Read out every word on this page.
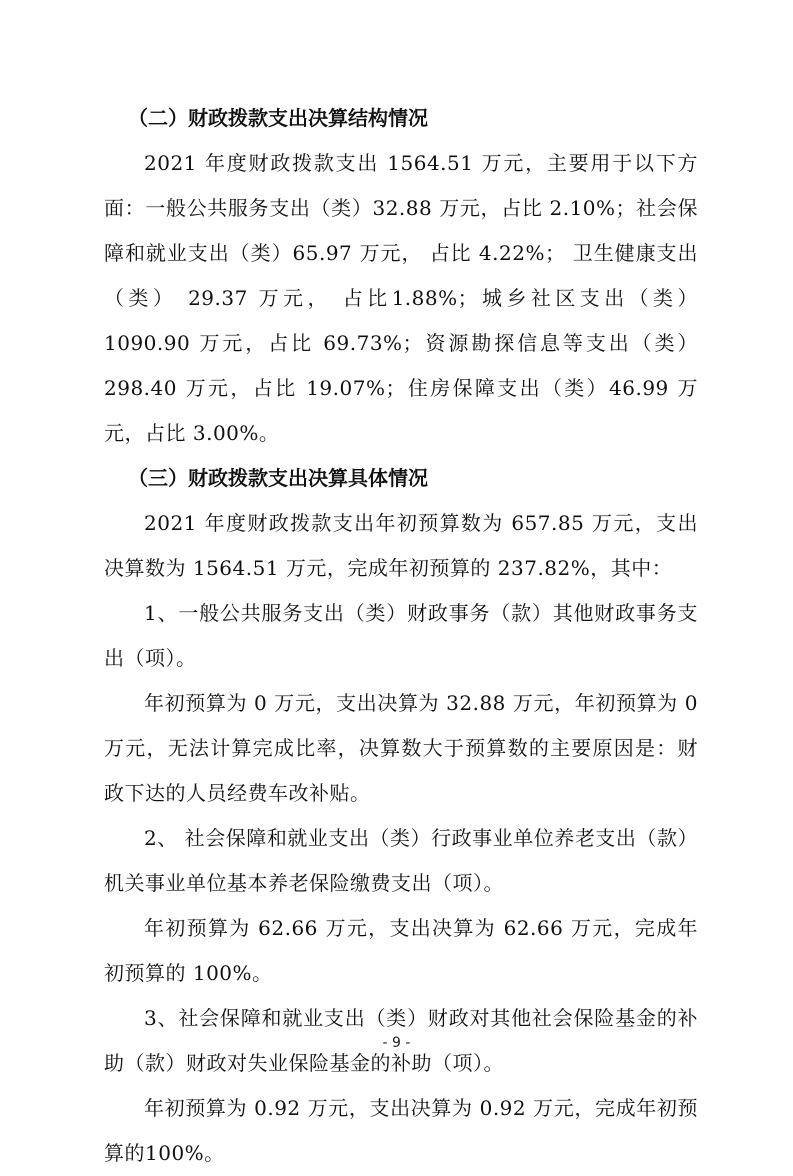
（二）财政拨款支出决算结构情况

2021 年度财政拨款支出 1564.51 万元，主要用于以下方面：一般公共服务支出（类）32.88 万元，占比 2.10%；社会保障和就业支出（类）65.97 万元， 占比 4.22%； 卫生健康支出（类） 29.37 万元， 占比1.88%；城乡社区支出（类）1090.90 万元，占比 69.73%；资源勘探信息等支出（类）298.40 万元，占比 19.07%；住房保障支出（类）46.99 万元，占比 3.00%。

（三）财政拨款支出决算具体情况

2021 年度财政拨款支出年初预算数为 657.85 万元，支出决算数为 1564.51 万元，完成年初预算的 237.82%，其中：

1、一般公共服务支出（类）财政事务（款）其他财政事务支出（项）。

年初预算为 0 万元，支出决算为 32.88 万元，年初预算为 0 万元，无法计算完成比率，决算数大于预算数的主要原因是：财政下达的人员经费车改补贴。

2、 社会保障和就业支出（类）行政事业单位养老支出（款）机关事业单位基本养老保险缴费支出（项）。

年初预算为 62.66 万元，支出决算为 62.66 万元，完成年初预算的 100%。

3、社会保障和就业支出（类）财政对其他社会保险基金的补助（款）财政对失业保险基金的补助（项）。

年初预算为 0.92 万元，支出决算为 0.92 万元，完成年初预算的100%。

- 9 -
